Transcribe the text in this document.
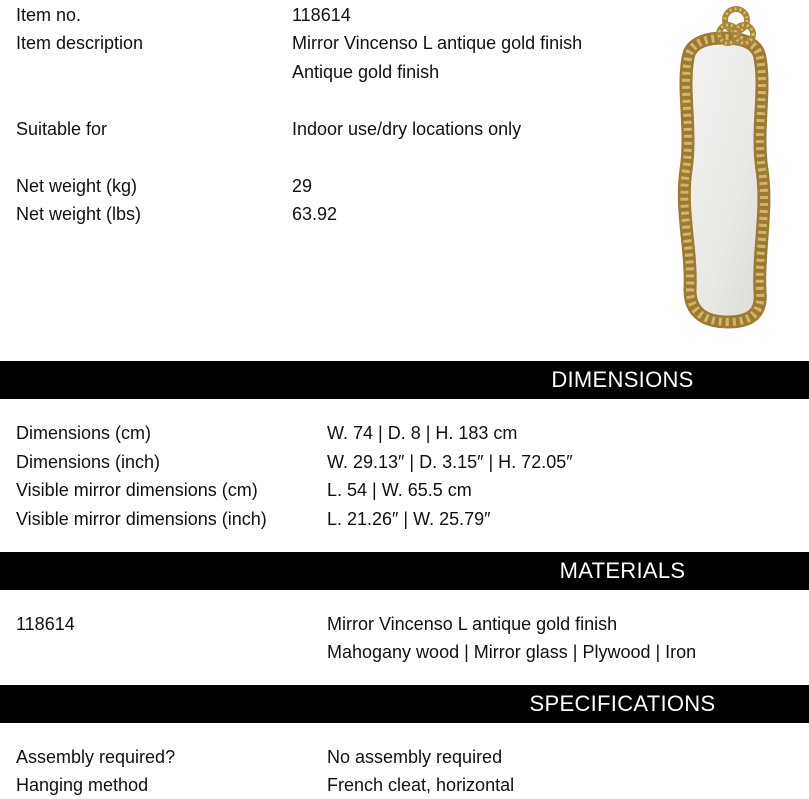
Item no.	118614
Item description	Mirror Vincenso L antique gold finish
Antique gold finish
Suitable for	Indoor use/dry locations only
Net weight (kg)	29
Net weight (lbs)	63.92
DIMENSIONS
Dimensions (cm)	W. 74 | D. 8 | H. 183 cm
Dimensions (inch)	W. 29.13″ | D. 3.15″ | H. 72.05″
Visible mirror dimensions (cm)	L. 54 | W. 65.5 cm
Visible mirror dimensions (inch)	L. 21.26″ | W. 25.79″
MATERIALS
118614	Mirror Vincenso L antique gold finish
Mahogany wood | Mirror glass | Plywood | Iron
SPECIFICATIONS
Assembly required?	No assembly required
Hanging method	French cleat, horizontal
